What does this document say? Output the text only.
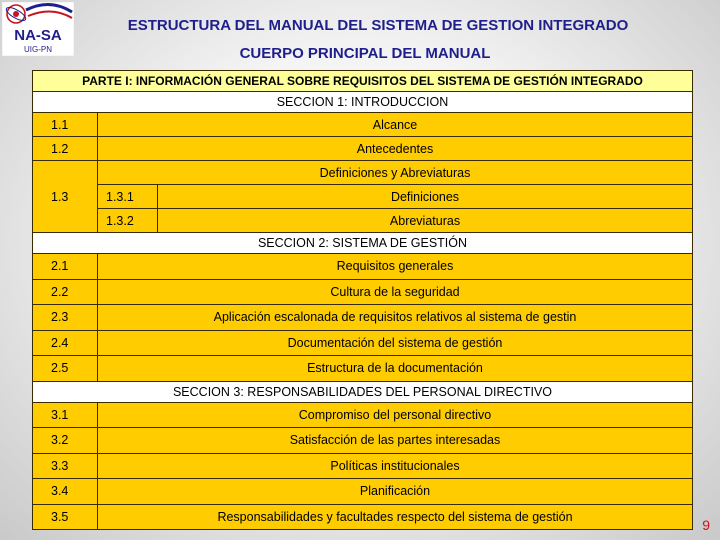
NA-SA
UIG-PN
ESTRUCTURA DEL MANUAL DEL SISTEMA DE GESTION INTEGRADO
CUERPO PRINCIPAL DEL MANUAL
PARTE I: INFORMACIÓN GENERAL SOBRE REQUISITOS DEL SISTEMA DE GESTIÓN INTEGRADO		
SECCION 1: INTRODUCCION		
1.1	Alcance	
1.2	Antecedentes	
1.3	Definiciones y Abreviaturas	
	1.3.1	Definiciones
	1.3.2	Abreviaturas
SECCION 2: SISTEMA DE GESTIÓN		
2.1	Requisitos generales	
2.2	Cultura de la seguridad	
2.3	Aplicación escalonada de requisitos relativos al sistema de gestin	
2.4	Documentación del sistema de gestión	
2.5	Estructura de la documentación	
SECCION 3: RESPONSABILIDADES DEL PERSONAL DIRECTIVO		
3.1	Compromiso del personal directivo	
3.2	Satisfacción de las partes interesadas	
3.3	Políticas institucionales	
3.4	Planificación	
3.5	Responsabilidades y facultades respecto del sistema de gestión	
9
